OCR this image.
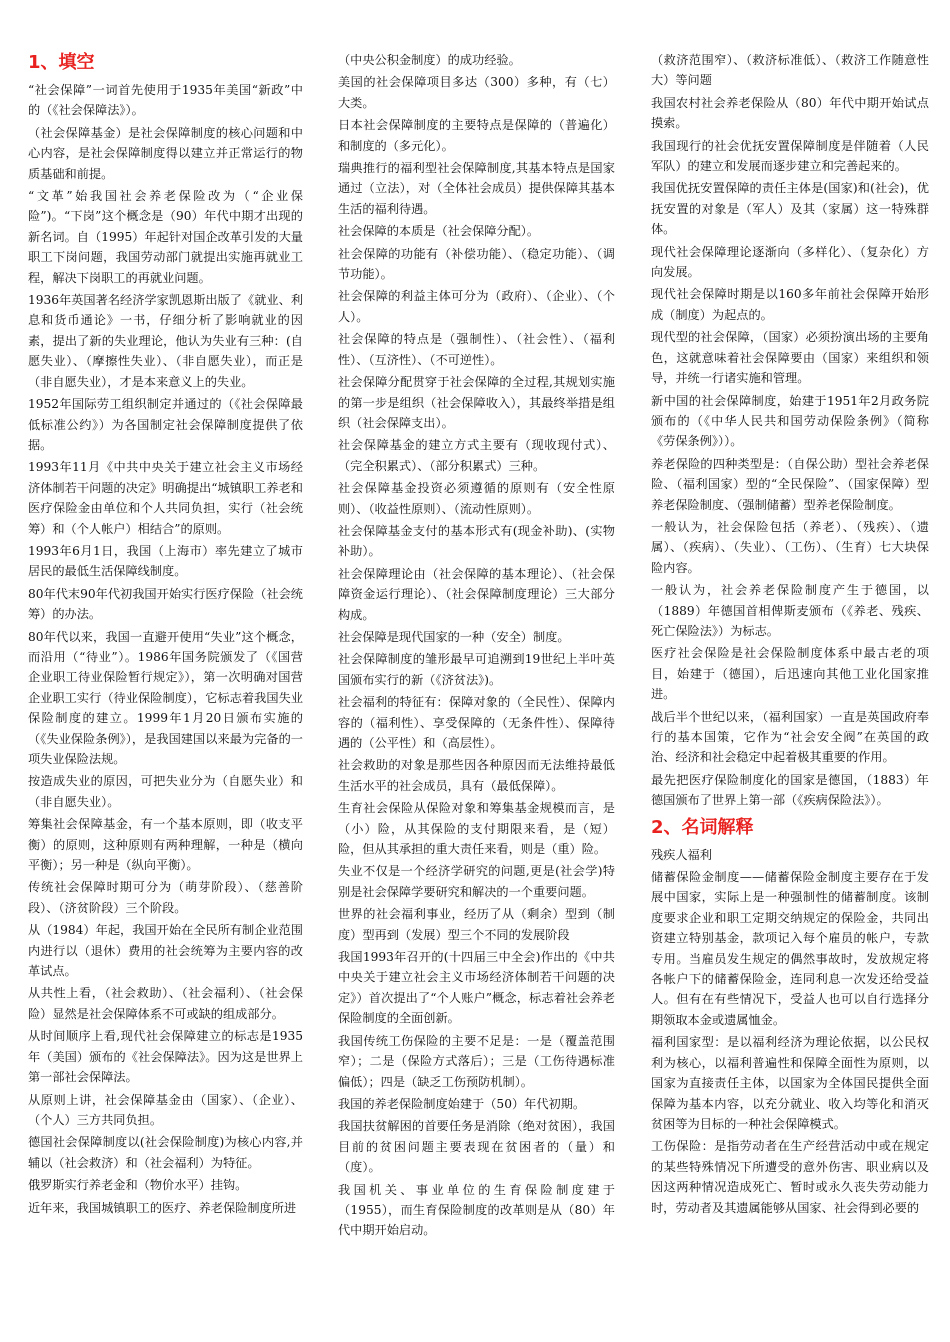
1、填空
“社会保障”一词首先使用于1935年美国“新政”中的（《社会保障法》）。
（社会保障基金）是社会保障制度的核心问题和中心内容，是社会保障制度得以建立并正常运行的物质基础和前提。
“文革”始我国社会养老保险改为（“企业保险”)。“下岗”这个概念是（90）年代中期才出现的新名词。自（1995）年起针对国企改革引发的大量职工下岗问题，我国劳动部门就提出实施再就业工程，解决下岗职工的再就业问题。
1936年英国著名经济学家凯恩斯出版了《就业、利息和货币通论》一书，仔细分析了影响就业的因素，提出了新的失业理论，他认为失业有三种：(自愿失业）、（摩擦性失业）、（非自愿失业），而正是（非自愿失业），才是本来意义上的失业。
1952年国际劳工组织制定并通过的（《社会保障最低标准公约》）为各国制定社会保障制度提供了依据。
1993年11月《中共中央关于建立社会主义市场经济体制若干问题的决定》明确提出“城镇职工养老和医疗保险金由单位和个人共同负担，实行（社会统筹）和（个人帐户）相结合”的原则。
1993年6月1日，我国（上海市）率先建立了城市居民的最低生活保障线制度。
80年代末90年代初我国开始实行医疗保险（社会统筹）的办法。
80年代以来，我国一直避开使用“失业”这个概念，而沿用（“待业”）。1986年国务院颁发了（《国营企业职工待业保险暂行规定》），第一次明确对国营企业职工实行（待业保险制度），它标志着我国失业保险制度的建立。1999年1月20日颁布实施的（《失业保险条例》），是我国建国以来最为完备的一项失业保险法规。
按造成失业的原因，可把失业分为（自愿失业）和（非自愿失业）。
筹集社会保障基金，有一个基本原则，即（收支平衡）的原则，这种原则有两种理解，一种是（横向平衡）；另一种是（纵向平衡）。
传统社会保障时期可分为（萌芽阶段）、（慈善阶段）、（济贫阶段）三个阶段。
从（1984）年起，我国开始在全民所有制企业范围内进行以（退休）费用的社会统筹为主要内容的改革试点。
从共性上看，（社会救助）、（社会福利）、（社会保险）显然是社会保障体系不可或缺的组成部分。
从时间顺序上看,现代社会保障建立的标志是1935年（美国）颁布的《社会保障法》。因为这是世界上第一部社会保障法。
从原则上讲，社会保障基金由（国家）、（企业）、（个人）三方共同负担。
德国社会保障制度以(社会保险制度)为核心内容,并辅以（社会救济）和（社会福利）为特征。
俄罗斯实行养老金和（物价水平）挂钩。
近年来，我国城镇职工的医疗、养老保险制度所进
（中央公积金制度）的成功经验。
美国的社会保障项目多达（300）多种，有（七）大类。
日本社会保障制度的主要特点是保障的（普遍化）和制度的（多元化）。
瑞典推行的福利型社会保障制度,其基本特点是国家通过（立法），对（全体社会成员）提供保障其基本生活的福利待遇。
社会保障的本质是（社会保障分配）。
社会保障的功能有（补偿功能）、（稳定功能）、（调节功能）。
社会保障的利益主体可分为（政府）、（企业）、（个人）。
社会保障的特点是（强制性）、（社会性）、（福利性）、（互济性）、（不可逆性）。
社会保障分配贯穿于社会保障的全过程,其规划实施的第一步是组织（社会保障收入），其最终举措是组织（社会保障支出）。
社会保障基金的建立方式主要有（现收现付式）、（完全积累式）、（部分积累式）三种。
社会保障基金投资必须遵循的原则有（安全性原则）、（收益性原则）、（流动性原则）。
社会保障基金支付的基本形式有(现金补助)、(实物补助）。
社会保障理论由（社会保障的基本理论）、（社会保障资金运行理论）、（社会保障制度理论）三大部分构成。
社会保障是现代国家的一种（安全）制度。
社会保障制度的雏形最早可追溯到19世纪上半叶英国颁布实行的新（《济贫法》)。
社会福利的特征有：保障对象的（全民性）、保障内容的（福利性）、享受保障的（无条件性）、保障待遇的（公平性）和（高层性）。
社会救助的对象是那些因各种原因而无法维持最低生活水平的社会成员，具有（最低保障）。
生育社会保险从保险对象和筹集基金规模而言，是（小）险，从其保险的支付期限来看，是（短）险，但从其承担的重大责任来看，则是（重）险。
失业不仅是一个经济学研究的问题,更是(社会学)特别是社会保障学要研究和解决的一个重要问题。
世界的社会福利事业，经历了从（剩余）型到（制度）型再到（发展）型三个不同的发展阶段
我国1993年召开的(十四届三中全会)作出的《中共中央关于建立社会主义市场经济体制若干问题的决定》）首次提出了“个人账户”概念，标志着社会养老保险制度的全面创新。
我国传统工伤保险的主要不足是：一是（覆盖范围窄）；二是（保险方式落后）；三是（工伤待遇标准偏低）；四是（缺乏工伤预防机制）。
我国的养老保险制度始建于（50）年代初期。
我国扶贫解困的首要任务是消除（绝对贫困），我国目前的贫困问题主要表现在贫困者的（量）和（度）。
我国机关、事业单位的生育保险制度建于（1955），而生育保险制度的改革则是从（80）年代中期开始启动。
（救济范围窄）、（救济标准低）、（救济工作随意性大）等问题
我国农村社会养老保险从（80）年代中期开始试点摸索。
我国现行的社会优抚安置保障制度是伴随着（人民军队）的建立和发展而逐步建立和完善起来的。
我国优抚安置保障的责任主体是(国家)和(社会)，优抚安置的对象是（军人）及其（家属）这一特殊群体。
现代社会保障理论逐渐向（多样化）、（复杂化）方向发展。
现代社会保障时期是以160多年前社会保障开始形成（制度）为起点的。
现代型的社会保障，（国家）必须扮演出场的主要角色，这就意味着社会保障要由（国家）来组织和领导，并统一行诸实施和管理。
新中国的社会保障制度，始建于1951年2月政务院颁布的（《中华人民共和国劳动保险条例》（简称《劳保条例》））。
养老保险的四种类型是：（自保公助）型社会养老保险、（福利国家）型的“全民保险”、（国家保障）型养老保险制度、（强制储蓄）型养老保险制度。
一般认为，社会保险包括（养老）、（残疾）、（遗属）、（疾病）、（失业）、（工伤）、（生育）七大块保险内容。
一般认为，社会养老保险制度产生于德国，以（1889）年德国首相俾斯麦颁布（《养老、残疾、死亡保险法》）为标志。
医疗社会保险是社会保险制度体系中最古老的项目，始建于（德国），后迅速向其他工业化国家推进。
战后半个世纪以来，（福利国家）一直是英国政府奉行的基本国策，它作为“社会安全阀”在英国的政治、经济和社会稳定中起着极其重要的作用。
最先把医疗保险制度化的国家是德国，（1883）年德国颁布了世界上第一部（《疾病保险法》）。
2、名词解释
残疾人福利
储蓄保险金制度——储蓄保险金制度主要存在于发展中国家，实际上是一种强制性的储蓄制度。该制度要求企业和职工定期交纳规定的保险金，共同出资建立特别基金，款项记入每个雇员的帐户，专款专用。当雇员发生规定的偶然事故时，发放规定将各帐户下的储蓄保险金，连同利息一次发还给受益人。但有在有些情况下，受益人也可以自行选择分期领取本金或遗属恤金。
福利国家型：是以福利经济为理论依据，以公民权利为核心，以福利普遍性和保障全面性为原则，以国家为直接责任主体，以国家为全体国民提供全面保障为基本内容，以充分就业、收入均等化和消灭贫困等为目标的一种社会保障模式。
工伤保险：是指劳动者在生产经营活动中或在规定的某些特殊情况下所遭受的意外伤害、职业病以及因这两种情况造成死亡、暂时或永久丧失劳动能力时，劳动者及其遗属能够从国家、社会得到必要的
